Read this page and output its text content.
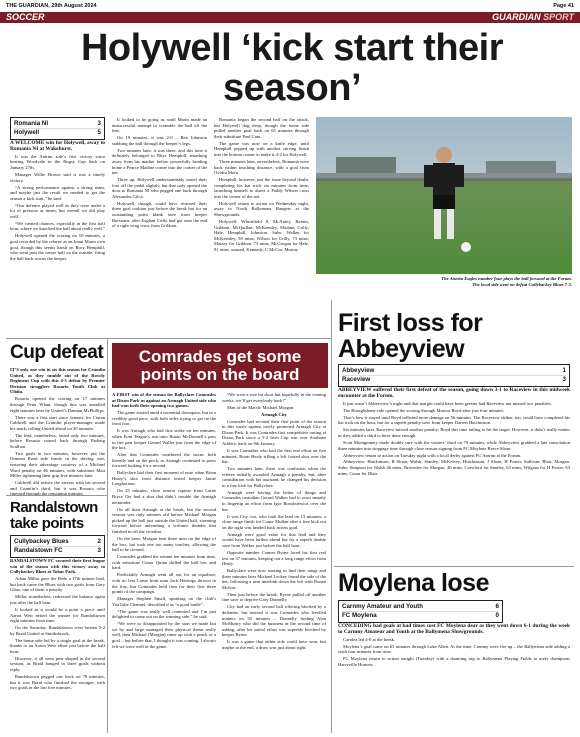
THE GUARDIAN, 29th August 2024	Page 41
SOCCER	GUARDIAN SPORT
Holywell ‘kick start their season’
Romania NI	3
Holywell	5

A WELCOME win for Holywell, away to Romania NI at Wakehurst.

It was the Antrim side’s first victory since beating Woodvale in the Rugsy Cup back on January 27th.

Manager Willie Brown said it was a timely victory.

“A strong performance against a strong team, and maybe just the result we needed to get the season a kick start,” he said.

“Our defence played well as they were under a lot of pressure at times, but overall we did play well.

“We created chances, especially in the first half hour, where we knocked the ball about really well.”

Holywell opened the scoring on 10 minutes, a goal recorded by the referee as an Ionut Marin own goal, though this seems harsh on Rory Hemphill, who went past the centre half on the outside, firing the ball back across the keeper.

It looked to be going in, until Marin made an unsuccessful attempt to scramble the ball off the line.

On 19 minutes, it was 2-0 – Ben Johnston stabbing the ball through the keeper’s legs.

Two minutes later, it was three, and this time it definitely belonged to Rhys Hemphill, smashing away from his marker before powerfully heading home a Pearce Madine corner into the corner of the net.

Three up, Holywell understandably eased their foot off the pedal slightly, but that only opened the door to Romania NI who pegged one back through Alexandru Gilca.

Holywell, though, could have restored their three goal cushion just before the break but for an outstanding point blank save from keeper Bucuraru, after Eoghan Crilly had got onto the end of a right wing cross from Gribbon.

Romania began the second half on the attack, but Holywell dug deep, though the home side pulled another goal back on 65 minutes through their substitute Paul Catu.

The game was now on a knife edge, until Hemphill popped up with another stirring finish into the bottom corner to make it 4-2 for Holywell.

Three minutes later, nevertheless, Romania were back within touching distance, with a goal from Ovidiu Mora.

Hemphill, however, put the issue beyond doubt, completing his hat trick six minutes from time, launching himself to direct a Paddy Wilson cross into the corner of the net.

Holywell return to action on Wednesday night, away to North Ballymena Rangers at the Showgrounds.

Holywell: Wheatfield 8, McAuley, Raines, Gribbon, McQuillan, McKeenley, Madine, Crilly, Hale, Hemphill, Johnston. Subs: Wallen for McKeenley, 58 mins; Wilson for Crilly, 73 mins; Maizey for Gribbon, 73 mins; McGrogan for Hale, 91 mins; unused, Kennedy, C McCor, Murray

The Antrim Eagles number four plays the ball forward at the Forum. The local side went on defeat Cullybackey Blues 7-3.
Cup defeat

IT’S only one win in six this season for Crumlin United, as they tumble out of the Rowdy Regiment Cup with this 4-3 defeat by Premier Division strugglers Rosario Youth Club at Ulidia.

Rosario opened the scoring on 17 minutes through Peter Whan, though this was annulled eight minutes later by United’s Damian McPhillips.

There was a first start since January for Ciaran Caldwell and the Crumlin player-manager made his mark, rolling United ahead on 30 minutes.

The lead, nonetheless, lasted only two minutes, before Rosario roared back through Padraig Scullion.

Two goals in two minutes, however, put the Ormeau Road side firmly in the driving seat, restoring their advantage courtesy of a Michael Ward penalty on 46 minutes, with substitute Matt Miller tightening their grip five minutes later.

Caldwell did reduce the arrears with his second and Crumlin’s third, but it was Rosario who finessed through the remaining minutes.

Randalstown take points
Cullybackey Blues	2
Randalstown FC	3

RANDALSTOWN FC secured their first league win of the season with this victory away to Cullybackey Blues at Tobar Park.

Adam Millar gave the Reds a 17th minute lead, but back came the Blues with two goals from Gary Glass, one of them a penalty.

Millar, nonetheless, redressed the balance again just after the half hour.

It looked as it would be a point a piece until Aaron Weir netted the winner for Randalstown eight minutes from time.

On the Saturday, Randalstown were beaten 5-2 by Braid United at Smithsbrook.

The home side led by a single goal at the break, thanks to an Aaron Weir effort just before the half hour.

However, it all went pear shaped in the second session, as Braid banged in three goals without reply.

Randalstown pegged one back on 78 minutes, but it was Braid who finished the stronger, with two goals in the last five minutes.

Comrades get some points on the board

A FIRST win of the season for Ballyclare Comrades at Dixon Park as against an Armagh United side who had won both their opening two games.

The game started amid a torrential downpour, but in a credibly good pace, with both sides trying to get on the front foot.

It was Armagh who had first strike on ten minutes, when Eoin Teague’s run onto Ruairi McDonnell’s pass to fire past keeper Gerard Waller just from the edge of the box.

After that Comrades weathered the storm, both literally and on the pitch, as Armagh continued to press forward looking for a second.

Ballyclare had their first moment of note when Brian Healy’s shot from distance tested keeper Jamie Longbottom.

On 25 minutes, close season capture from Larne Bryce Orr had a shot that didn’t trouble the Armagh netminder.

On all their Armagh at the break, but the second session was only minutes old before Michael Morgan picked up the ball just outside the United half, storming forward before unleashing a volcanic thunder that finished in off the crossbar.

On the hour, Morgan beat three men on the edge of the box, but took one too many touches, allowing the ball to be cleared.

Comrades grabbed the winner ten minutes from time, with substitute Conor Quinn drilled the ball low and hard.

Predictably Armagh went all out for an equaliser, with no less Larne front man Jack Hastings thrown in the fray, but Comrades held firm for their first three points of the campaign.

Manager Stephen Small, speaking on the club’s YouTube Channel, described it as “a good battle”.

“The game was really well contested and I’m just delighted to come out on the winning side,” he said.

“We were so disappointed by the start we made but we by and large managed their physical threat really well, then Michael (Morgan) came up with a peach of a goal – but before that, I thought it was coming. I always felt we were well in the game.

“We were a wee bit short but hopefully in the coming weeks, we’ll get everybody back!”

Man of the Match: Michael Morgan.

Armagh City

Comrades had secured their first point of the season in this tussle against newly promoted Armagh City at Dixon Park. It was Comrades first competitive outing at Dixon Park since a 5-2 Irish Cup win over Strabane Athletic back on 9th January.

It was Comrades who had the first real effort on five minutes, Brian Healy rifling a left footed shot over the bar.

Two minutes later, there was confusion when the referee initially awarded Armagh a penalty, but, after consultation with his assistant, he changed his decision to a free kick for Ballyclare.

Armagh were having the better of things and Comrades custodian Gerard Walker had to react smartly to fingertip an effort from Igor Boruksiewicz over the bar.

It was City, too, who took the lead on 13 minutes; a close range finish for Conor Mullan after a free kick out on the right was headed back across goal.

Armagh were good value for that lead and they would have been further ahead but for a superb double save from Walker just before the half hour.

Opposite number Conner Byrne faced his first real test on 37 minutes, keeping out a long range effort from Healy.

Ballyclare were now starting to find their range and three minutes later Michael Leckey found the side of the net, following a neat interlink down the left with Ronan McIvor.

Then just before the break, Byrne pulled off another fine save to deprive Gary Donnelly.

City had an early second half offering blocked by a defender, but instead it was Comrades who levelled matters on 50 minutes – Donnelly finding Alan McMurtry who did the business at the second time of asking, after his initial effort was superbly blocked by keeper Byrne.

It was a game that either side could have won, but maybe in the end, a draw was just about right.

First loss for Abbeyview
Abbeyview	1
Raceview	3

ABBEYVIEW suffered their first defeat of the season, going down 3-1 to Raceview in this midweek encounter at the Forum.

It just wasn’t Abbeyview’s night and that margin could have been greater had Raceview not missed two penalties.

The Broughshane side opened the scoring through Marcus Boyd after just four minutes.

That’s how it stayed until Boyd inflicted more damage on 56 minutes. The Raceview striker, too, could have completed his hat trick on the hour, but for a superb penalty save from keeper Darren Hutchinson.

Six minutes later, Raceview missed another penalty; Boyd this time failing to hit the target. However, it didn’t really matter as they added a third to have done enough.

Scott Montgomery made doubly sure with the visitors’ third on 79 minutes, while Abbeyview grabbed a late consolation three minutes into stoppage time through close season signing from FC Moylena Reece Sloan.

Abbeyview return to action on Tuesday night with a local derby against FC Antrim at the Forum.

Abbeyview: Hutchinson, R Sloan, Walsh, Stanley, McKelvey, Hutchinson, J Sloan, H Foster, Sullivan, Blair, Morgan. Subs: Simpson for Walsh 46 mins; Brownlee for Morgan, 40 mins; Crawford for Stanley, 63 mins; Wilgaus for H Foster, 63 mins; Caton for Blair.

Moylena lose
Carnmy Amateur and Youth	6
FC Moylena	0

CONCEDING bad goals at bad times cost FC Moylena dear as they went down 6-1 during the week to Carnmy Amateur and Youth at the Ballymena Showgrounds.

Carnlea led 4-0 at the break.

Moylena’s goal came on 65 minutes through Luke Allen. At the time, Carnmy were fire up – the Ballymena side adding a sixth four minutes from time.

FC Moylena return to action tonight (Tuesday) with a daunting trip to Ballymena Playing Fields to meet champions Harryville Hornets.
